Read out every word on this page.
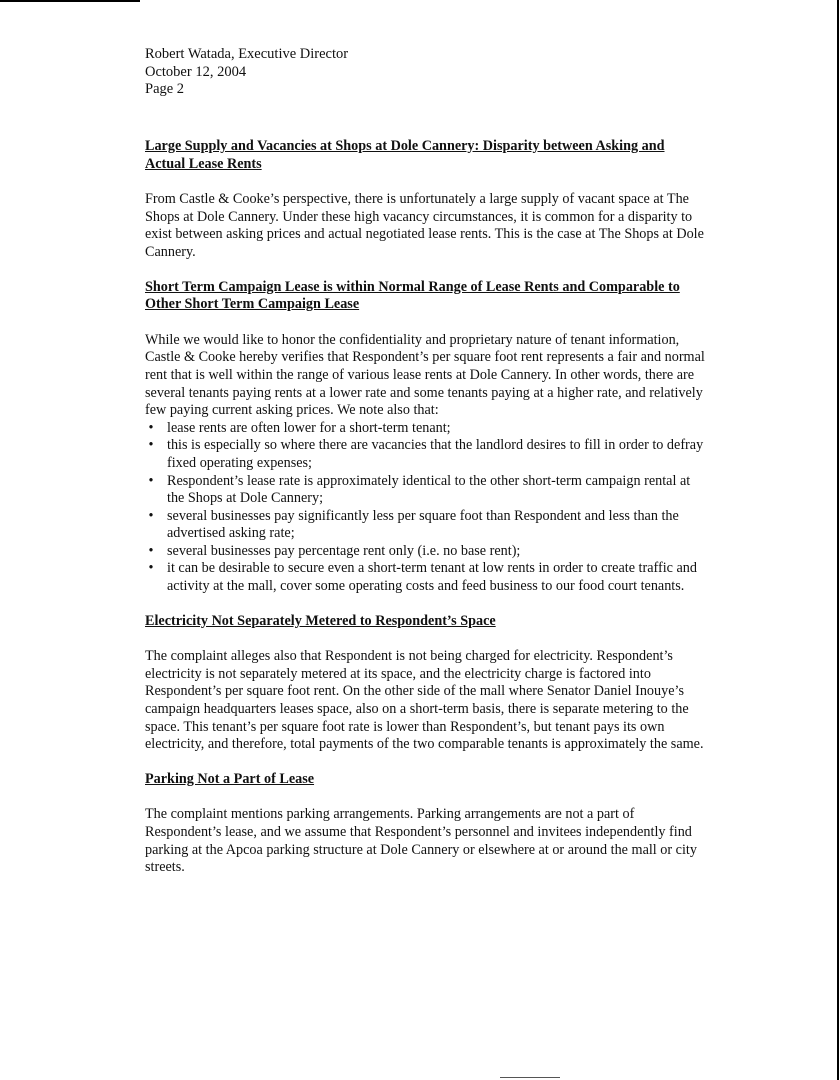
Robert Watada, Executive Director
October 12, 2004
Page 2

Large Supply and Vacancies at Shops at Dole Cannery: Disparity between Asking and Actual Lease Rents

From Castle & Cooke’s perspective, there is unfortunately a large supply of vacant space at The Shops at Dole Cannery. Under these high vacancy circumstances, it is common for a disparity to exist between asking prices and actual negotiated lease rents. This is the case at The Shops at Dole Cannery.

Short Term Campaign Lease is within Normal Range of Lease Rents and Comparable to Other Short Term Campaign Lease

While we would like to honor the confidentiality and proprietary nature of tenant information, Castle & Cooke hereby verifies that Respondent’s per square foot rent represents a fair and normal rent that is well within the range of various lease rents at Dole Cannery. In other words, there are several tenants paying rents at a lower rate and some tenants paying at a higher rate, and relatively few paying current asking prices. We note also that:

• lease rents are often lower for a short-term tenant;
• this is especially so where there are vacancies that the landlord desires to fill in order to defray fixed operating expenses;
• Respondent’s lease rate is approximately identical to the other short-term campaign rental at the Shops at Dole Cannery;
• several businesses pay significantly less per square foot than Respondent and less than the advertised asking rate;
• several businesses pay percentage rent only (i.e. no base rent);
• it can be desirable to secure even a short-term tenant at low rents in order to create traffic and activity at the mall, cover some operating costs and feed business to our food court tenants.

Electricity Not Separately Metered to Respondent’s Space

The complaint alleges also that Respondent is not being charged for electricity. Respondent’s electricity is not separately metered at its space, and the electricity charge is factored into Respondent’s per square foot rent. On the other side of the mall where Senator Daniel Inouye’s campaign headquarters leases space, also on a short-term basis, there is separate metering to the space. This tenant’s per square foot rate is lower than Respondent’s, but tenant pays its own electricity, and therefore, total payments of the two comparable tenants is approximately the same.

Parking Not a Part of Lease

The complaint mentions parking arrangements. Parking arrangements are not a part of Respondent’s lease, and we assume that Respondent’s personnel and invitees independently find parking at the Apcoa parking structure at Dole Cannery or elsewhere at or around the mall or city streets.
